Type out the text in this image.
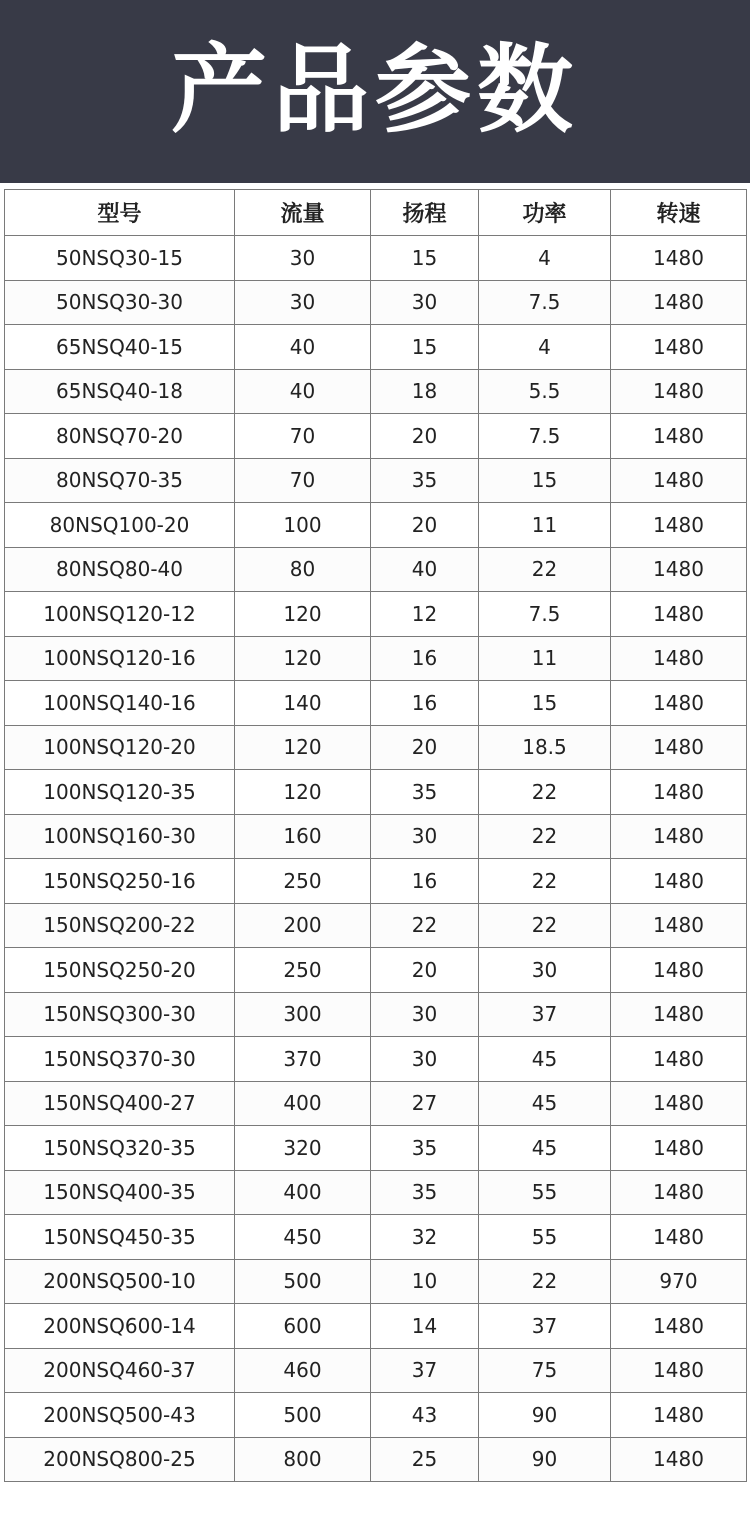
产品参数
型号	流量	扬程	功率	转速
50NSQ30-15	30	15	4	1480
50NSQ30-30	30	30	7.5	1480
65NSQ40-15	40	15	4	1480
65NSQ40-18	40	18	5.5	1480
80NSQ70-20	70	20	7.5	1480
80NSQ70-35	70	35	15	1480
80NSQ100-20	100	20	11	1480
80NSQ80-40	80	40	22	1480
100NSQ120-12	120	12	7.5	1480
100NSQ120-16	120	16	11	1480
100NSQ140-16	140	16	15	1480
100NSQ120-20	120	20	18.5	1480
100NSQ120-35	120	35	22	1480
100NSQ160-30	160	30	22	1480
150NSQ250-16	250	16	22	1480
150NSQ200-22	200	22	22	1480
150NSQ250-20	250	20	30	1480
150NSQ300-30	300	30	37	1480
150NSQ370-30	370	30	45	1480
150NSQ400-27	400	27	45	1480
150NSQ320-35	320	35	45	1480
150NSQ400-35	400	35	55	1480
150NSQ450-35	450	32	55	1480
200NSQ500-10	500	10	22	970
200NSQ600-14	600	14	37	1480
200NSQ460-37	460	37	75	1480
200NSQ500-43	500	43	90	1480
200NSQ800-25	800	25	90	1480
